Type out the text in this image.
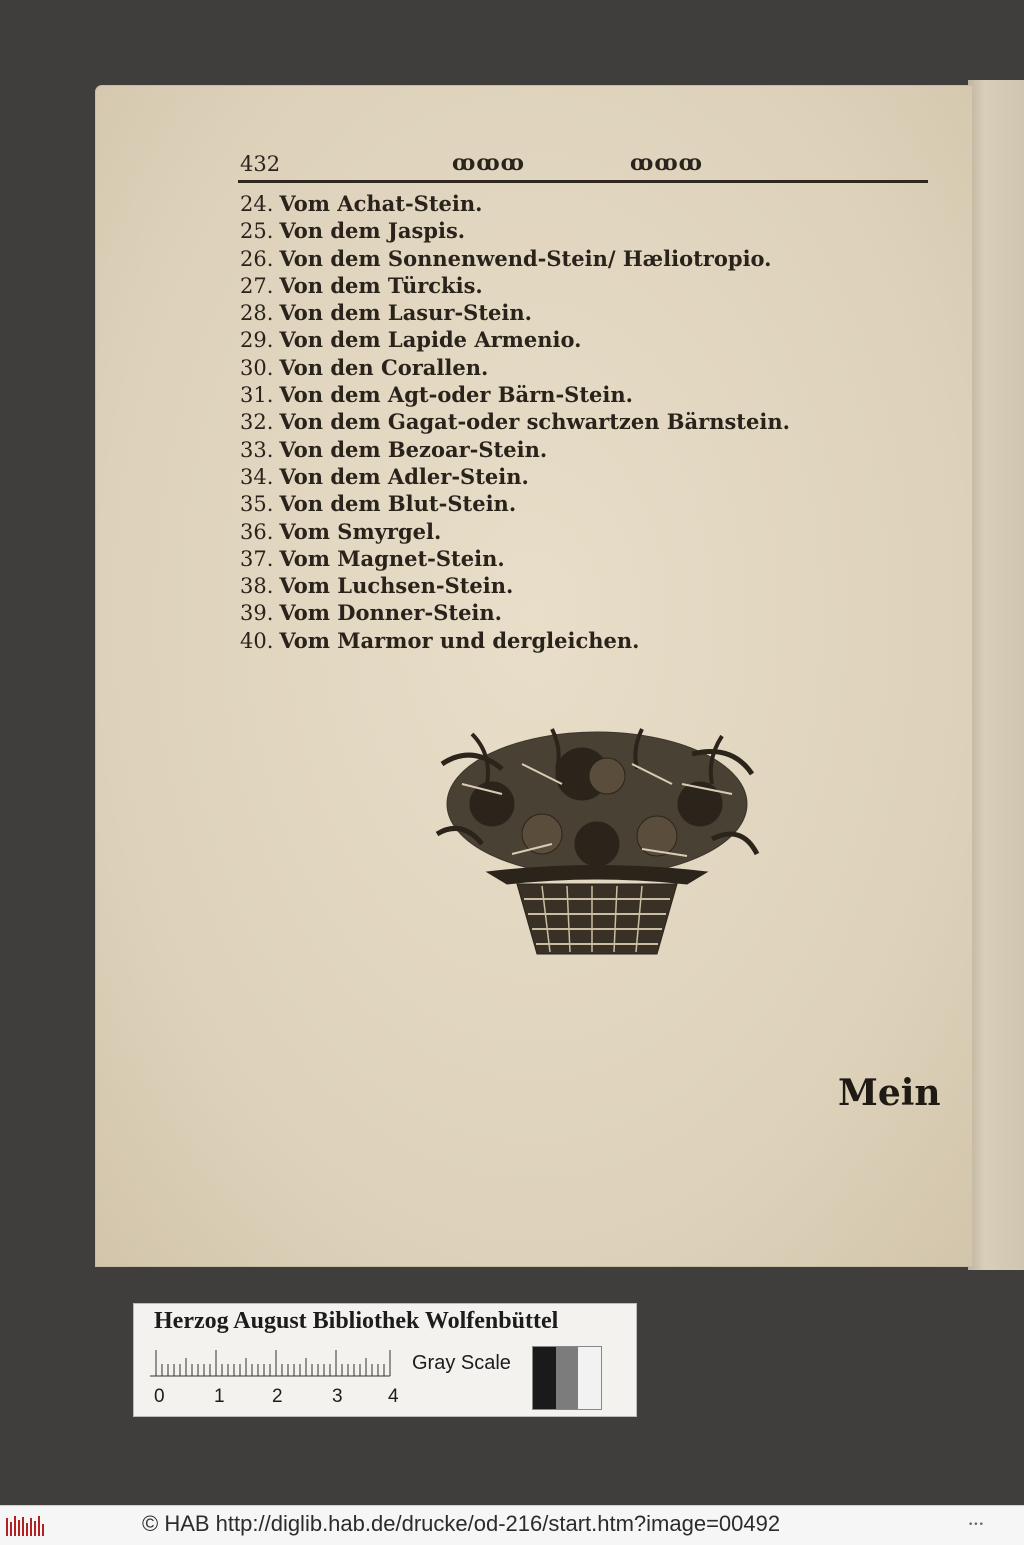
432	ꝏꝏꝏ	ꝏꝏꝏ
24. Vom Achat-Stein.
25. Von dem Jaspis.
26. Von dem Sonnenwend-Stein/ Hæliotropio.
27. Von dem Türckis.
28. Von dem Lasur-Stein.
29. Von dem Lapide Armenio.
30. Von den Corallen.
31. Von dem Agt-oder Bärn-Stein.
32. Von dem Gagat-oder schwartzen Bärnstein.
33. Von dem Bezoar-Stein.
34. Von dem Adler-Stein.
35. Von dem Blut-Stein.
36. Vom Smyrgel.
37. Vom Magnet-Stein.
38. Vom Luchsen-Stein.
39. Vom Donner-Stein.
40. Vom Marmor und dergleichen.
Mein
Herzog August Bibliothek Wolfenbüttel
0	1 2	3 4
Gray Scale
© HAB http://diglib.hab.de/drucke/od-216/start.htm?image=00492	•••
